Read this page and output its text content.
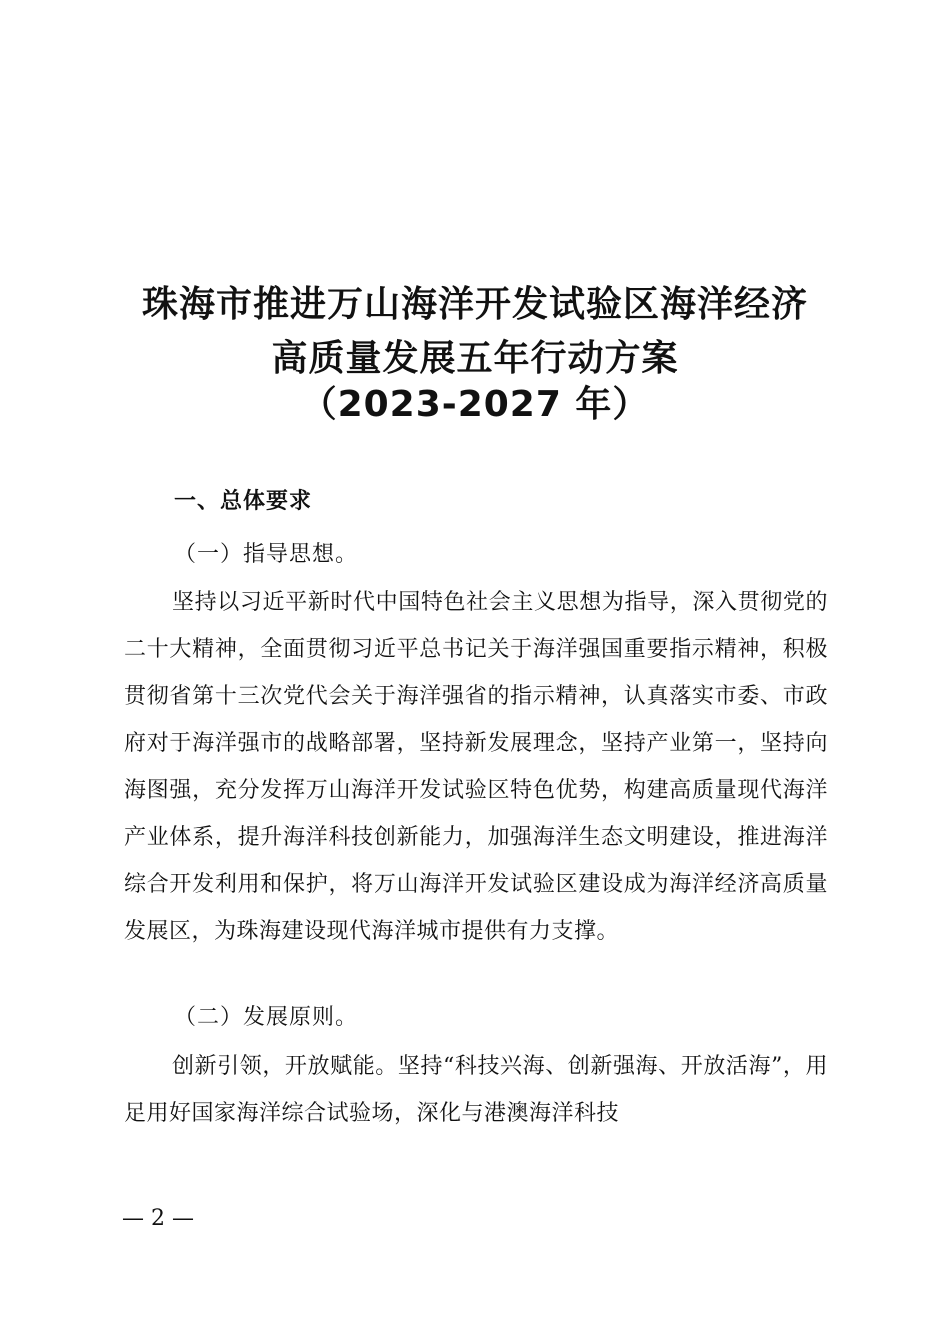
珠海市推进万山海洋开发试验区海洋经济
高质量发展五年行动方案
（2023-2027 年）
一、总体要求
（一）指导思想。
坚持以习近平新时代中国特色社会主义思想为指导，深入贯彻党的二十大精神，全面贯彻习近平总书记关于海洋强国重要指示精神，积极贯彻省第十三次党代会关于海洋强省的指示精神，认真落实市委、市政府对于海洋强市的战略部署，坚持新发展理念，坚持产业第一，坚持向海图强，充分发挥万山海洋开发试验区特色优势，构建高质量现代海洋产业体系，提升海洋科技创新能力，加强海洋生态文明建设，推进海洋综合开发利用和保护，将万山海洋开发试验区建设成为海洋经济高质量发展区，为珠海建设现代海洋城市提供有力支撑。
（二）发展原则。
创新引领，开放赋能。坚持“科技兴海、创新强海、开放活海”，用足用好国家海洋综合试验场，深化与港澳海洋科技
— 2 —
